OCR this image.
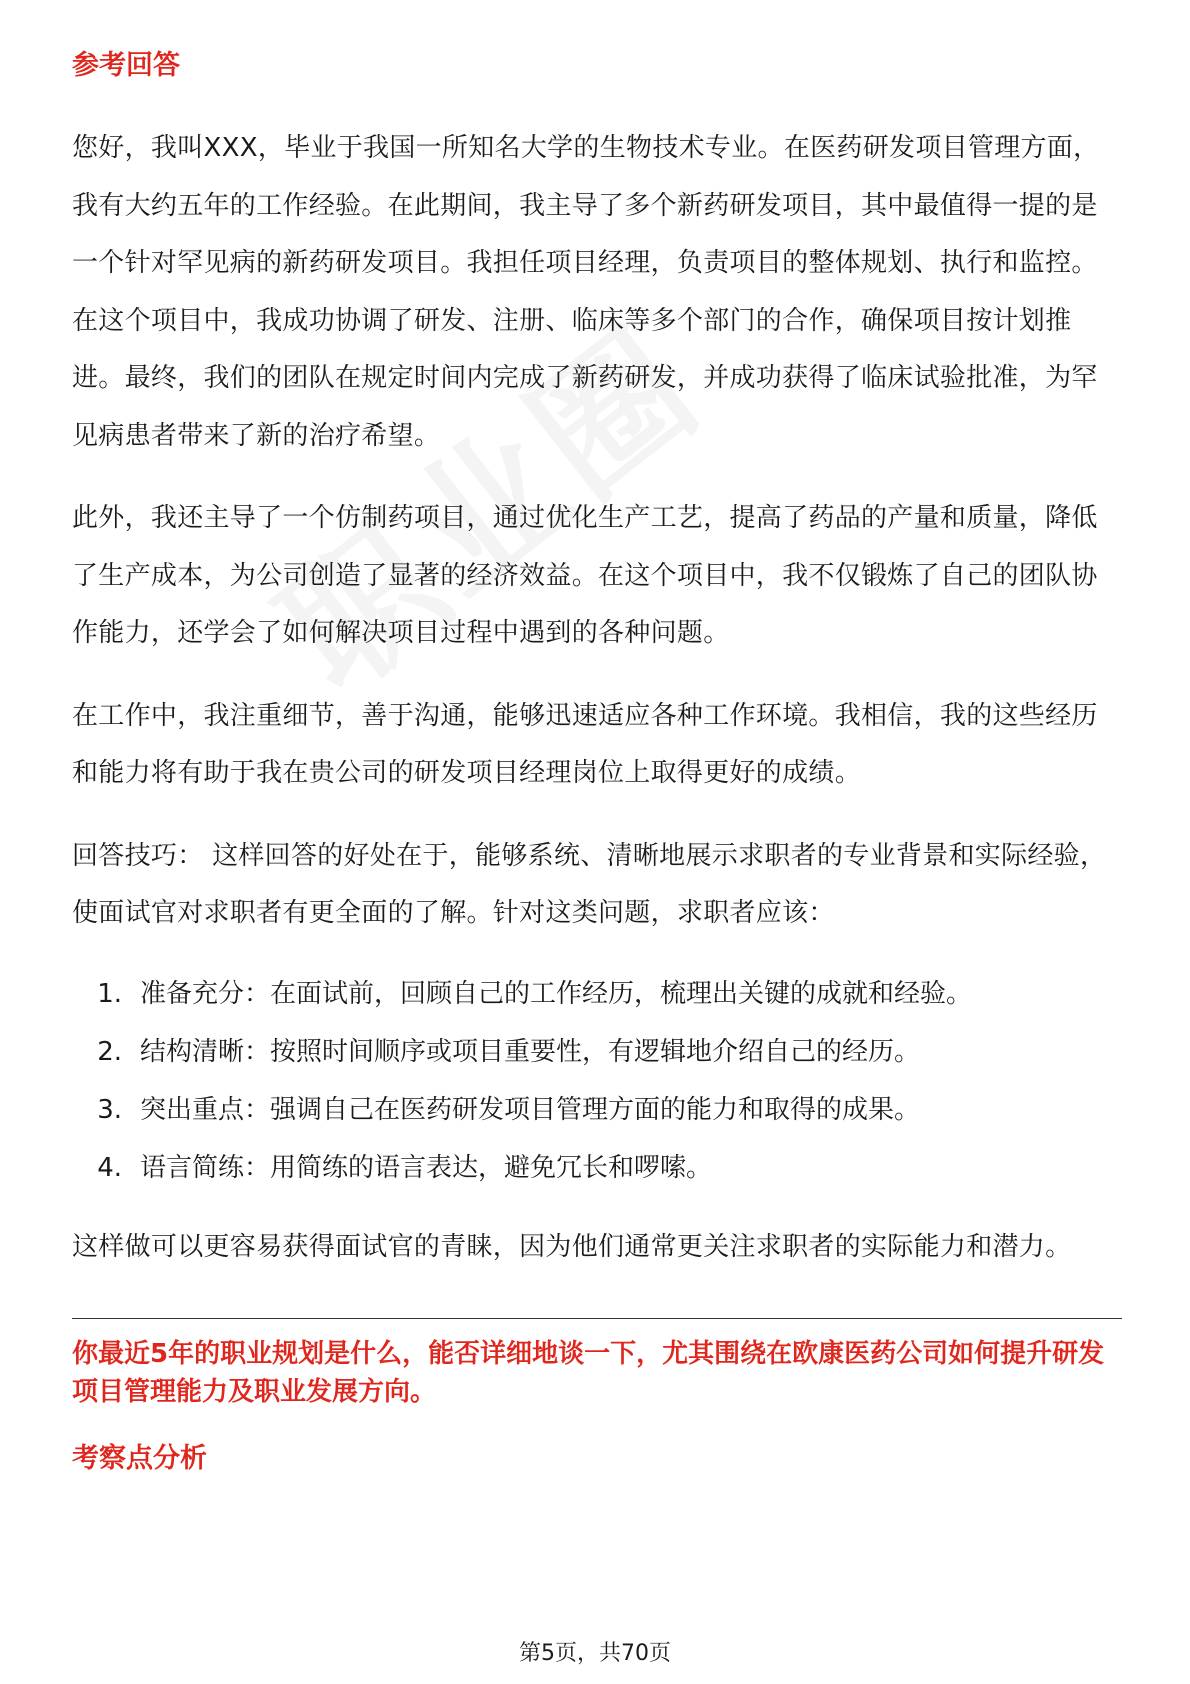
参考回答

您好，我叫XXX，毕业于我国一所知名大学的生物技术专业。在医药研发项目管理方面，我有大约五年的工作经验。在此期间，我主导了多个新药研发项目，其中最值得一提的是一个针对罕见病的新药研发项目。我担任项目经理，负责项目的整体规划、执行和监控。在这个项目中，我成功协调了研发、注册、临床等多个部门的合作，确保项目按计划推进。最终，我们的团队在规定时间内完成了新药研发，并成功获得了临床试验批准，为罕见病患者带来了新的治疗希望。

此外，我还主导了一个仿制药项目，通过优化生产工艺，提高了药品的产量和质量，降低了生产成本，为公司创造了显著的经济效益。在这个项目中，我不仅锻炼了自己的团队协作能力，还学会了如何解决项目过程中遇到的各种问题。

在工作中，我注重细节，善于沟通，能够迅速适应各种工作环境。我相信，我的这些经历和能力将有助于我在贵公司的研发项目经理岗位上取得更好的成绩。

回答技巧： 这样回答的好处在于，能够系统、清晰地展示求职者的专业背景和实际经验，使面试官对求职者有更全面的了解。针对这类问题，求职者应该：

1. 准备充分：在面试前，回顾自己的工作经历，梳理出关键的成就和经验。
2. 结构清晰：按照时间顺序或项目重要性，有逻辑地介绍自己的经历。
3. 突出重点：强调自己在医药研发项目管理方面的能力和取得的成果。
4. 语言简练：用简练的语言表达，避免冗长和啰嗦。

这样做可以更容易获得面试官的青睐，因为他们通常更关注求职者的实际能力和潜力。

你最近5年的职业规划是什么，能否详细地谈一下，尤其围绕在欧康医药公司如何提升研发项目管理能力及职业发展方向。

考察点分析
第5页，共70页
